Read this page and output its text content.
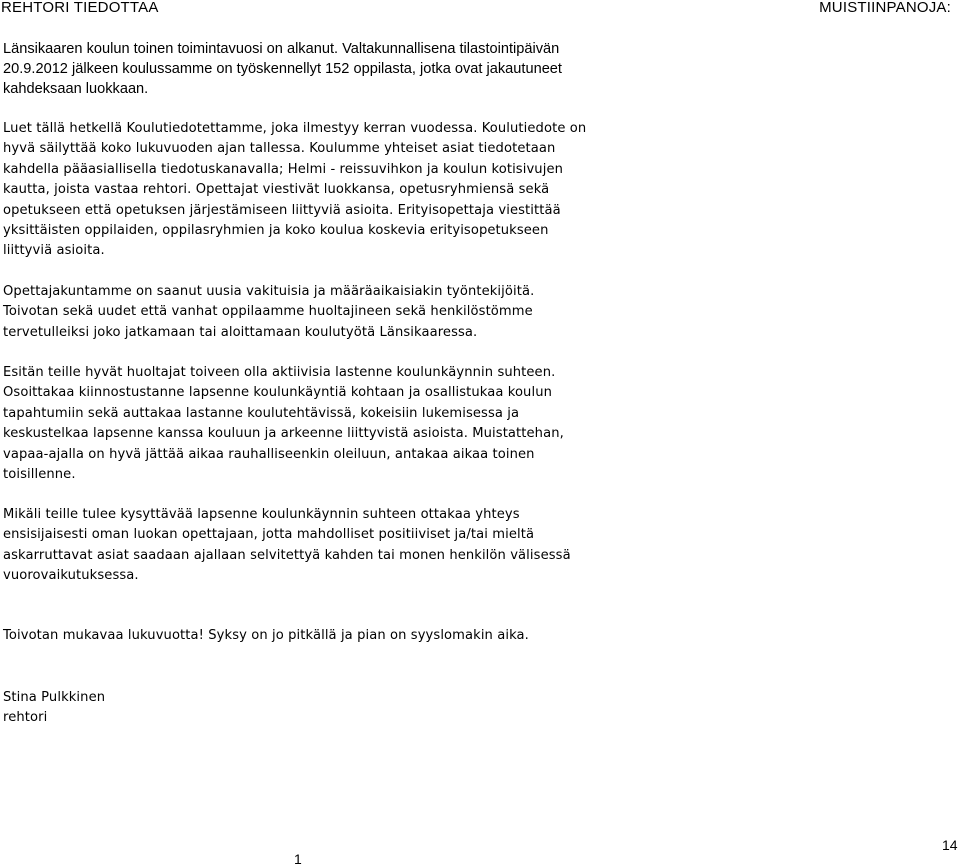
REHTORI TIEDOTTAA	MUISTIINPANOJA:
Länsikaaren koulun toinen toimintavuosi on alkanut. Valtakunnallisena tilastointipäivän
20.9.2012 jälkeen koulussamme on työskennellyt 152 oppilasta, jotka ovat jakautuneet
kahdeksaan luokkaan.
Luet tällä hetkellä Koulutiedotettamme, joka ilmestyy kerran vuodessa. Koulutiedote on
hyvä säilyttää koko lukuvuoden ajan tallessa. Koulumme yhteiset asiat tiedotetaan
kahdella pääasiallisella tiedotuskanavalla; Helmi - reissuvihkon ja koulun kotisivujen
kautta, joista vastaa rehtori. Opettajat viestivät luokkansa, opetusryhmiensä sekä
opetukseen että opetuksen järjestämiseen liittyviä asioita. Erityisopettaja viestittää
yksittäisten oppilaiden, oppilasryhmien ja koko koulua koskevia erityisopetukseen
liittyviä asioita.
Opettajakuntamme on saanut uusia vakituisia ja määräaikaisiakin työntekijöitä.
Toivotan sekä uudet että vanhat oppilaamme huoltajineen sekä henkilöstömme
tervetulleiksi joko jatkamaan tai aloittamaan koulutyötä Länsikaaressa.
Esitän teille hyvät huoltajat toiveen olla aktiivisia lastenne koulunkäynnin suhteen.
Osoittakaa kiinnostustanne lapsenne koulunkäyntiä kohtaan ja osallistukaa koulun
tapahtumiin sekä auttakaa lastanne koulutehtävissä, kokeisiin lukemisessa ja
keskustelkaa lapsenne kanssa kouluun ja arkeenne liittyvistä asioista. Muistattehan,
vapaa-ajalla on hyvä jättää aikaa rauhalliseenkin oleiluun, antakaa aikaa toinen
toisillenne.
Mikäli teille tulee kysyttävää lapsenne koulunkäynnin suhteen ottakaa yhteys
ensisijaisesti oman luokan opettajaan, jotta mahdolliset positiiviset ja/tai mieltä
askarruttavat asiat saadaan ajallaan selvitettyä kahden tai monen henkilön välisessä
vuorovaikutuksessa.
Toivotan mukavaa lukuvuotta! Syksy on jo pitkällä ja pian on syyslomakin aika.
Stina Pulkkinen
rehtori
1
14
